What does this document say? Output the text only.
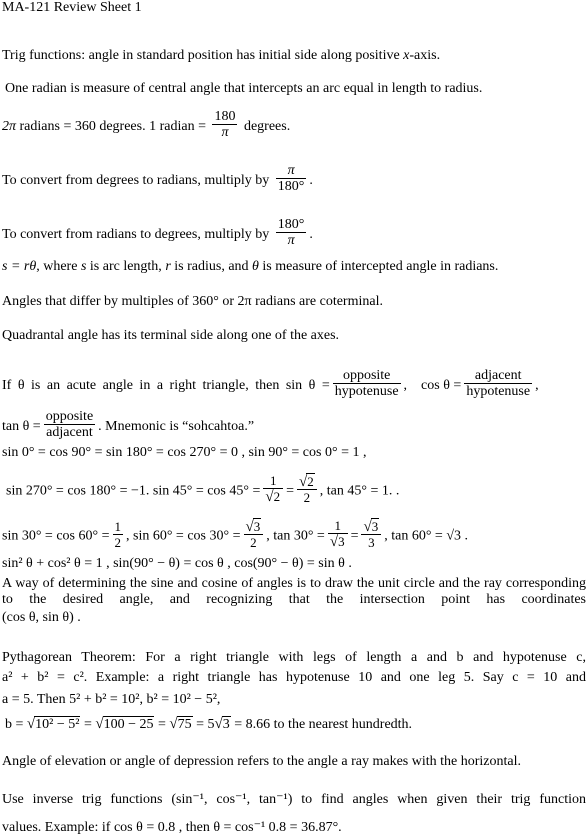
MA-121 Review Sheet 1
Trig functions: angle in standard position has initial side along positive x-axis.
One radian is measure of central angle that intercepts an arc equal in length to radius.
2π radians = 360 degrees. 1 radian = $\frac{180}{\pi}$ degrees.
To convert from degrees to radians, multiply by $\frac{\pi}{180^\circ}$ .
To convert from radians to degrees, multiply by $\frac{180^\circ}{\pi}$ .
s = rθ, where s is arc length, r is radius, and θ is measure of intercepted angle in radians.
Angles that differ by multiples of 360° or 2π radians are coterminal.
Quadrantal angle has its terminal side along one of the axes.
If θ is an acute angle in a right triangle, then $\sin \theta = \frac{\text{opposite}}{\text{hypotenuse}}$ , $\cos \theta = \frac{\text{adjacent}}{\text{hypotenuse}}$ ,
$\tan \theta = \frac{\text{opposite}}{\text{adjacent}}$ . Mnemonic is “sohcahtoa.”
sin 0° = cos 90° = sin 180° = cos 270° = 0 , sin 90° = cos 0° = 1 ,
sin 270° = cos 180° = −1. $\sin 45^\circ = \cos 45^\circ = \frac{1}{√2} = \frac{√2}{2}$ , tan 45° = 1. .
$\sin 30^\circ = \cos 60^\circ = \frac{1}{2}$ , $\sin 60^\circ = \cos 30^\circ = \frac{√3}{2}$ , $\tan 30^\circ = \frac{1}{√3} = \frac{√3}{3}$ , tan 60° = √3 .
sin² θ + cos² θ = 1 , sin(90° − θ) = cos θ , cos(90° − θ) = sin θ .
A way of determining the sine and cosine of angles is to draw the unit circle and the ray corresponding to the desired angle, and recognizing that the intersection point has coordinates
(cos θ, sin θ) .
Pythagorean Theorem: For a right triangle with legs of length a and b and hypotenuse c,
a² + b² = c². Example: a right triangle has hypotenuse 10 and one leg 5. Say c = 10 and
a = 5. Then 5² + b² = 10², b² = 10² − 5²,
b = √10² − 5² = √100 − 25 = √75 = 5√3 = 8.66 to the nearest hundredth.
Angle of elevation or angle of depression refers to the angle a ray makes with the horizontal.
Use inverse trig functions (sin⁻¹, cos⁻¹, tan⁻¹) to find angles when given their trig function
values. Example: if cos θ = 0.8 , then θ = cos⁻¹ 0.8 = 36.87°.
